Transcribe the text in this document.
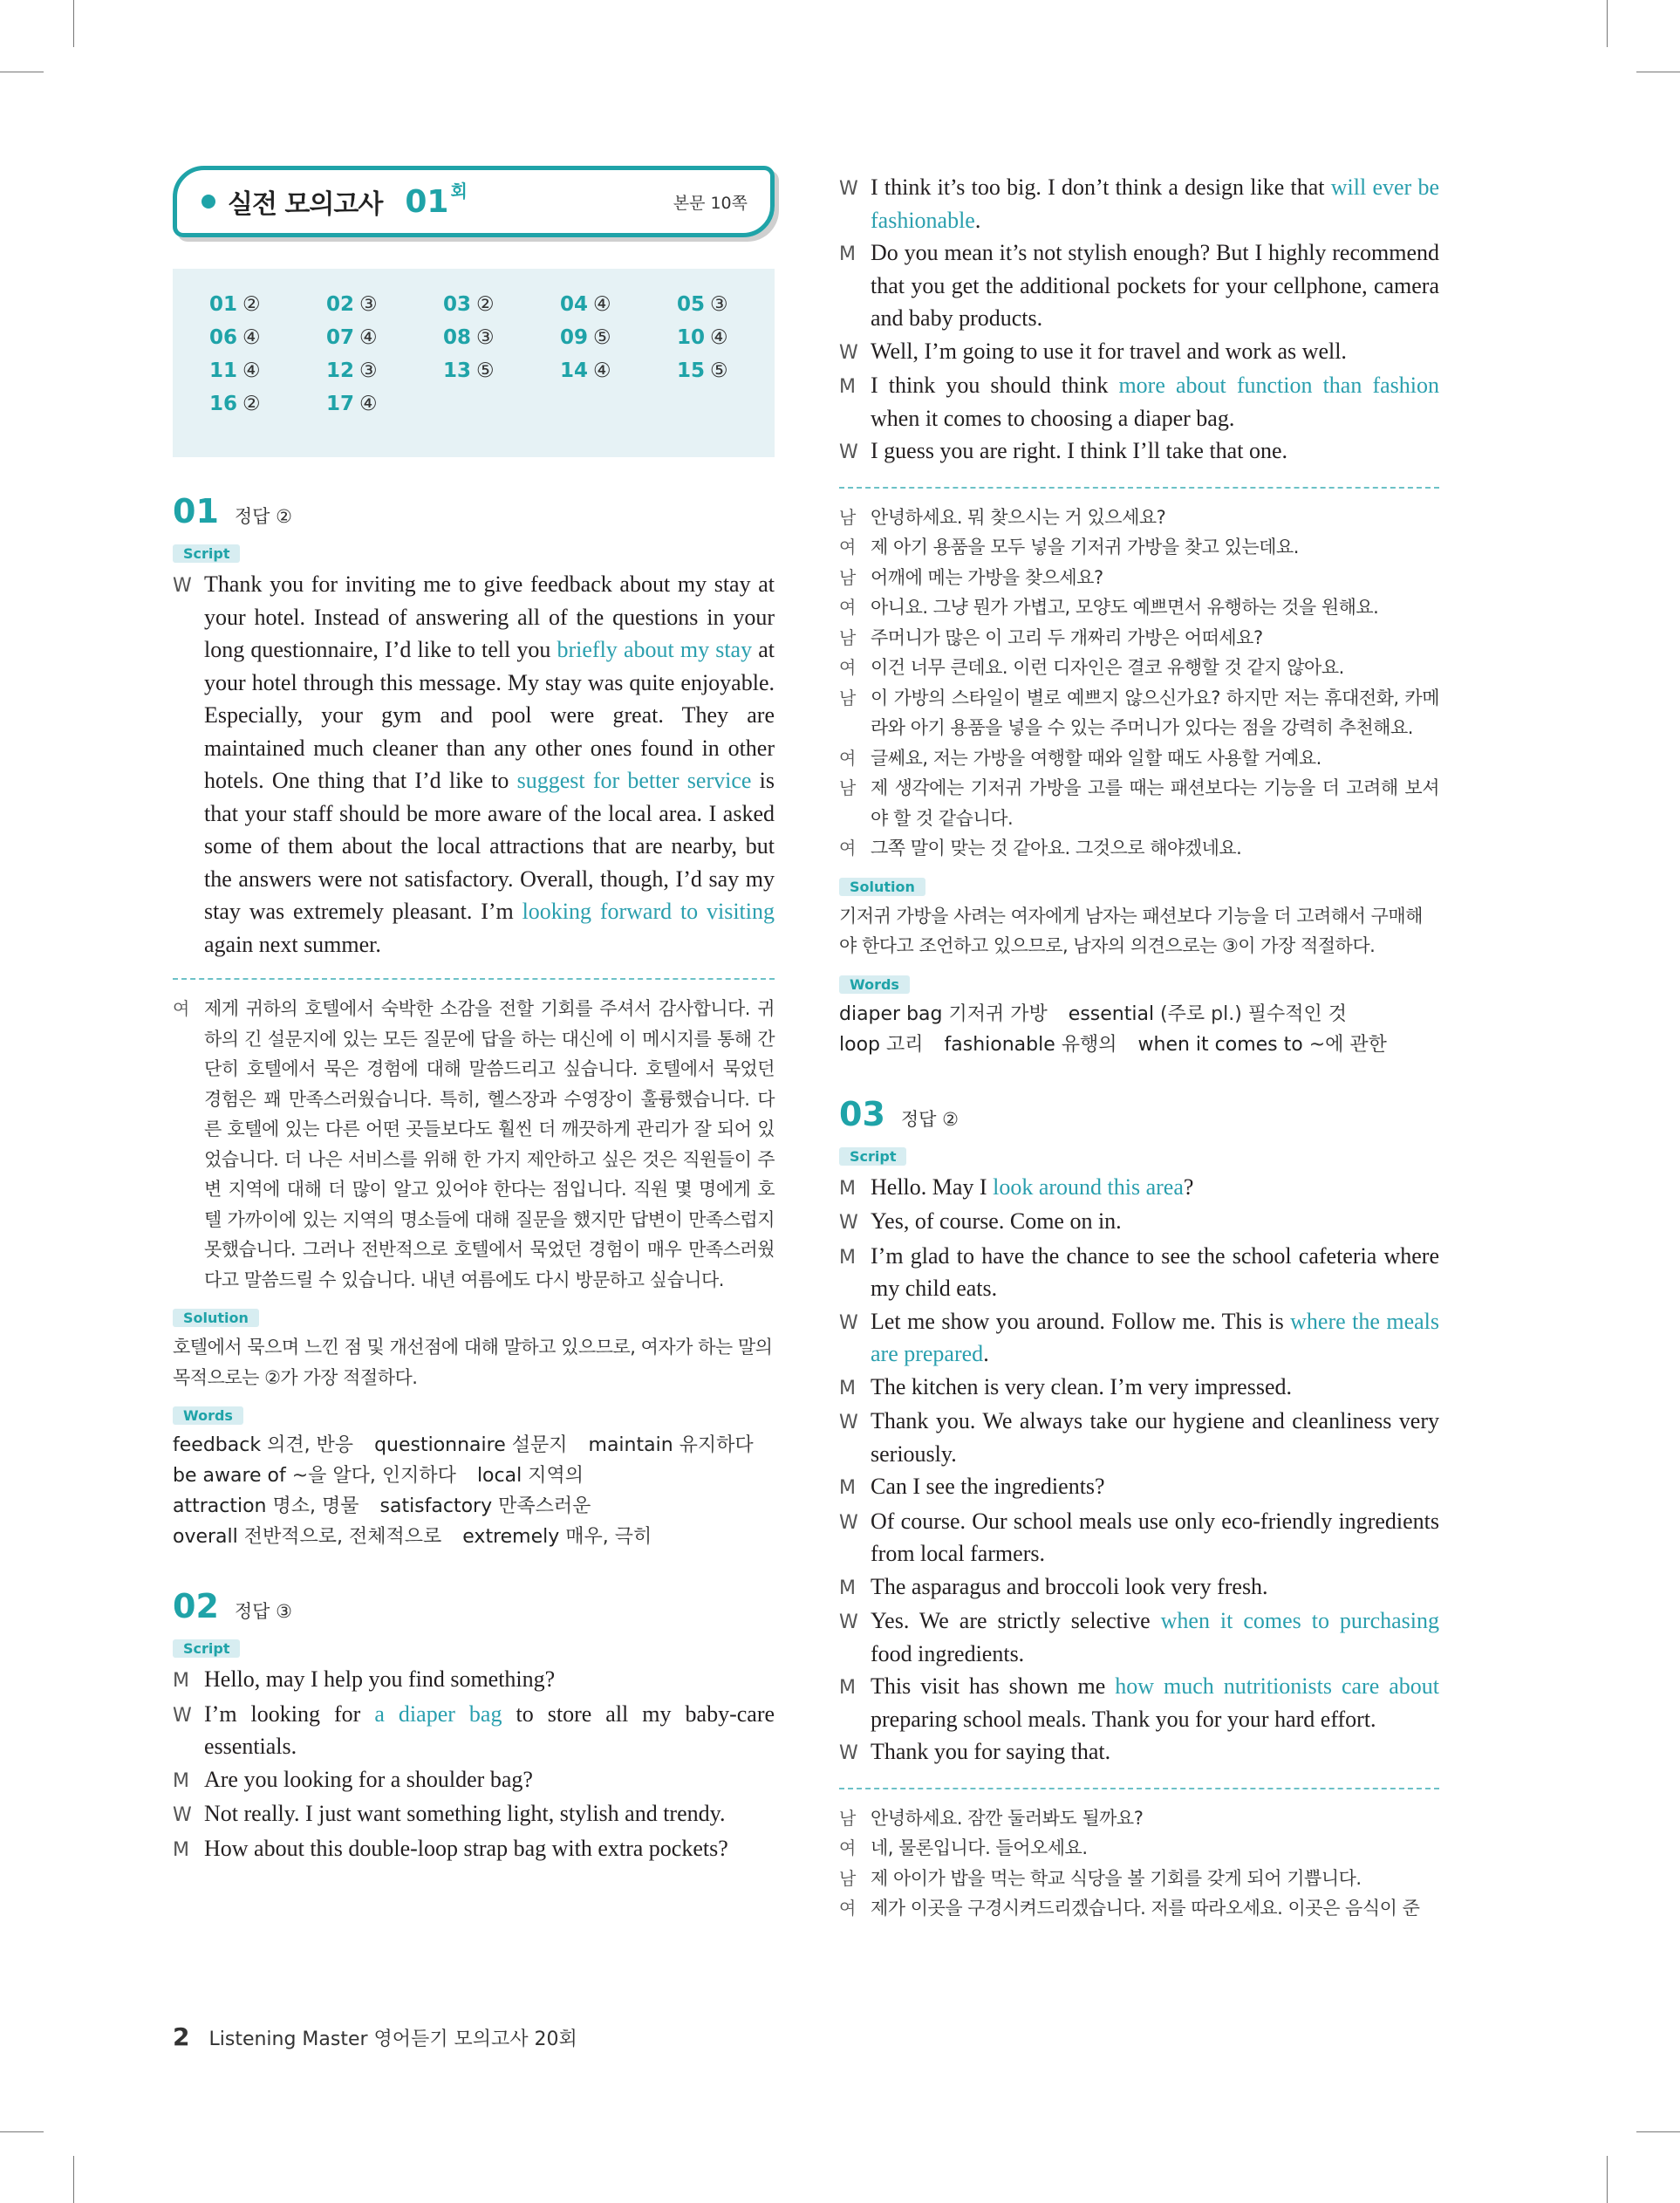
실전 모의고사 01 회
본문 10쪽
01 ②	02 ③	03 ②	04 ④	05 ③
06 ④	07 ④	08 ③	09 ⑤	10 ④
11 ④	12 ③	13 ⑤	14 ④	15 ⑤
16 ②	17 ④
01 정답 ②
Script
W Thank you for inviting me to give feedback about my stay at your hotel. Instead of answering all of the questions in your long questionnaire, I’d like to tell you briefly about my stay at your hotel through this message. My stay was quite enjoyable. Especially, your gym and pool were great. They are maintained much cleaner than any other ones found in other hotels. One thing that I’d like to suggest for better service is that your staff should be more aware of the local area. I asked some of them about the local attractions that are nearby, but the answers were not satisfactory. Overall, though, I’d say my stay was extremely pleasant. I’m looking forward to visiting again next summer.
여 제게 귀하의 호텔에서 숙박한 소감을 전할 기회를 주셔서 감사합니다. 귀하의 긴 설문지에 있는 모든 질문에 답을 하는 대신에 이 메시지를 통해 간단히 호텔에서 묵은 경험에 대해 말씀드리고 싶습니다. 호텔에서 묵었던 경험은 꽤 만족스러웠습니다. 특히, 헬스장과 수영장이 훌륭했습니다. 다른 호텔에 있는 다른 어떤 곳들보다도 훨씬 더 깨끗하게 관리가 잘 되어 있었습니다. 더 나은 서비스를 위해 한 가지 제안하고 싶은 것은 직원들이 주변 지역에 대해 더 많이 알고 있어야 한다는 점입니다. 직원 몇 명에게 호텔 가까이에 있는 지역의 명소들에 대해 질문을 했지만 답변이 만족스럽지 못했습니다. 그러나 전반적으로 호텔에서 묵었던 경험이 매우 만족스러웠다고 말씀드릴 수 있습니다. 내년 여름에도 다시 방문하고 싶습니다.
Solution
호텔에서 묵으며 느낀 점 및 개선점에 대해 말하고 있으므로, 여자가 하는 말의 목적으로는 ②가 가장 적절하다.
Words
feedback 의견, 반응 questionnaire 설문지 maintain 유지하다
be aware of ~을 알다, 인지하다 local 지역의
attraction 명소, 명물 satisfactory 만족스러운
overall 전반적으로, 전체적으로 extremely 매우, 극히
02 정답 ③
Script
M Hello, may I help you find something?
W I’m looking for a diaper bag to store all my baby-care essentials.
M Are you looking for a shoulder bag?
W Not really. I just want something light, stylish and trendy.
M How about this double-loop strap bag with extra pockets?
W I think it’s too big. I don’t think a design like that will ever be fashionable.
M Do you mean it’s not stylish enough? But I highly recommend that you get the additional pockets for your cellphone, camera and baby products.
W Well, I’m going to use it for travel and work as well.
M I think you should think more about function than fashion when it comes to choosing a diaper bag.
W I guess you are right. I think I’ll take that one.
남 안녕하세요. 뭐 찾으시는 거 있으세요?
여 제 아기 용품을 모두 넣을 기저귀 가방을 찾고 있는데요.
남 어깨에 메는 가방을 찾으세요?
여 아니요. 그냥 뭔가 가볍고, 모양도 예쁘면서 유행하는 것을 원해요.
남 주머니가 많은 이 고리 두 개짜리 가방은 어떠세요?
여 이건 너무 큰데요. 이런 디자인은 결코 유행할 것 같지 않아요.
남 이 가방의 스타일이 별로 예쁘지 않으신가요? 하지만 저는 휴대전화, 카메라와 아기 용품을 넣을 수 있는 주머니가 있다는 점을 강력히 추천해요.
여 글쎄요, 저는 가방을 여행할 때와 일할 때도 사용할 거예요.
남 제 생각에는 기저귀 가방을 고를 때는 패션보다는 기능을 더 고려해 보셔야 할 것 같습니다.
여 그쪽 말이 맞는 것 같아요. 그것으로 해야겠네요.
Solution
기저귀 가방을 사려는 여자에게 남자는 패션보다 기능을 더 고려해서 구매해야 한다고 조언하고 있으므로, 남자의 의견으로는 ③이 가장 적절하다.
Words
diaper bag 기저귀 가방 essential (주로 pl.) 필수적인 것
loop 고리 fashionable 유행의 when it comes to ~에 관한
03 정답 ②
Script
M Hello. May I look around this area?
W Yes, of course. Come on in.
M I’m glad to have the chance to see the school cafeteria where my child eats.
W Let me show you around. Follow me. This is where the meals are prepared.
M The kitchen is very clean. I’m very impressed.
W Thank you. We always take our hygiene and cleanliness very seriously.
M Can I see the ingredients?
W Of course. Our school meals use only eco-friendly ingredients from local farmers.
M The asparagus and broccoli look very fresh.
W Yes. We are strictly selective when it comes to purchasing food ingredients.
M This visit has shown me how much nutritionists care about preparing school meals. Thank you for your hard effort.
W Thank you for saying that.
남 안녕하세요. 잠깐 둘러봐도 될까요?
여 네, 물론입니다. 들어오세요.
남 제 아이가 밥을 먹는 학교 식당을 볼 기회를 갖게 되어 기쁩니다.
여 제가 이곳을 구경시켜드리겠습니다. 저를 따라오세요. 이곳은 음식이 준
2 Listening Master 영어듣기 모의고사 20회
